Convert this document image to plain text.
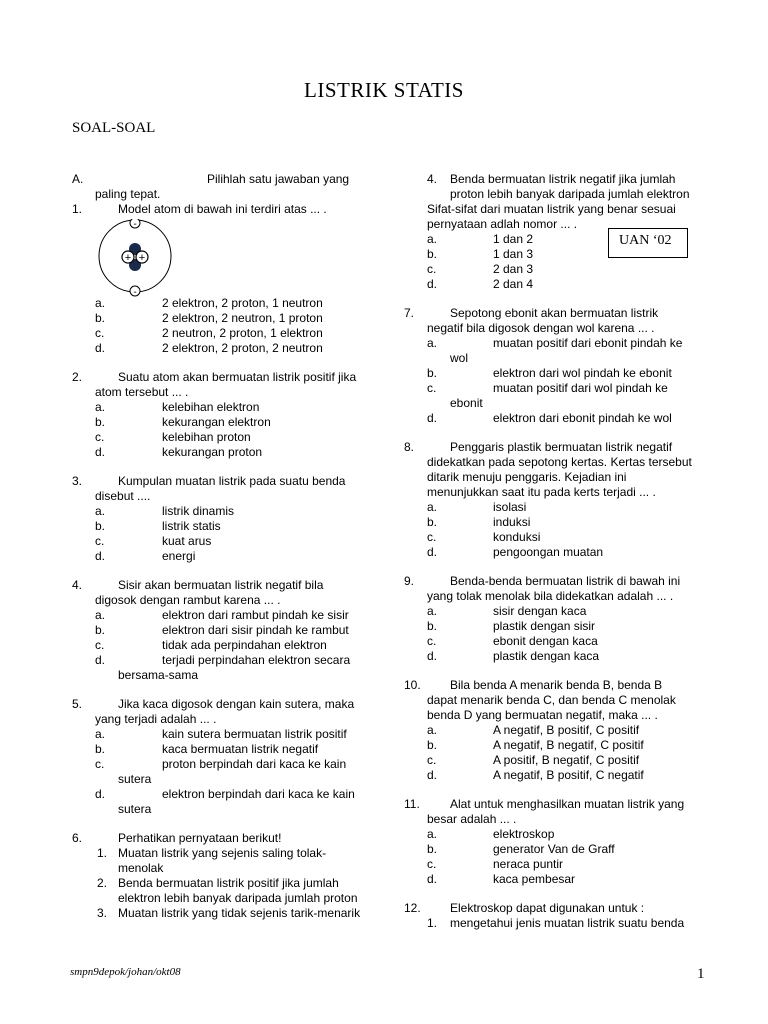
LISTRIK STATIS
SOAL-SOAL
A.	Pilihlah satu jawaban yang
paling tepat.
1.	Model atom di bawah ini terdiri atas ... .
a.	2 elektron, 2 proton, 1 neutron
b.	2 elektron, 2 neutron, 1 proton
c.	2 neutron, 2 proton, 1 elektron
d.	2 elektron, 2 proton, 2 neutron
2.	Suatu atom akan bermuatan listrik positif jika
atom tersebut ... .
a.	kelebihan elektron
b.	kekurangan elektron
c.	kelebihan proton
d.	kekurangan proton
3.	Kumpulan muatan listrik pada suatu benda
disebut ....
a.	listrik dinamis
b.	listrik statis
c.	kuat arus
d.	energi
4.	Sisir akan bermuatan listrik negatif bila
digosok dengan rambut karena ... .
a.	elektron dari rambut pindah ke sisir
b.	elektron dari sisir pindah ke rambut
c.	tidak ada perpindahan elektron
d.	terjadi perpindahan elektron secara
bersama-sama
5.	Jika kaca digosok dengan kain sutera, maka
yang terjadi adalah ... .
a.	kain sutera bermuatan listrik positif
b.	kaca bermuatan listrik negatif
c.	proton berpindah dari kaca ke kain
sutera
d.	elektron berpindah dari kaca ke kain
sutera
6.	Perhatikan pernyataan berikut!
1. Muatan listrik yang sejenis saling tolak-
menolak
2. Benda bermuatan listrik positif jika jumlah
elektron lebih banyak daripada jumlah proton
3. Muatan listrik yang tidak sejenis tarik-menarik
4. Benda bermuatan listrik negatif jika jumlah
proton lebih banyak daripada jumlah elektron
Sifat-sifat dari muatan listrik yang benar sesuai
pernyataan adlah nomor ... .
a.	1 dan 2
b.	1 dan 3
c.	2 dan 3
d.	2 dan 4
7.	Sepotong ebonit akan bermuatan listrik
negatif bila digosok dengan wol karena ... .
a.	muatan positif dari ebonit pindah ke
wol
b.	elektron dari wol pindah ke ebonit
c.	muatan positif dari wol pindah ke
ebonit
d.	elektron dari ebonit pindah ke wol
8.	Penggaris plastik bermuatan listrik negatif
didekatkan pada sepotong kertas. Kertas tersebut
ditarik menuju penggaris. Kejadian ini
menunjukkan saat itu pada kerts terjadi ... .
a.	isolasi
b.	induksi
c.	konduksi
d.	pengoongan muatan
9.	Benda-benda bermuatan listrik di bawah ini
yang tolak menolak bila didekatkan adalah ... .
a.	sisir dengan kaca
b.	plastik dengan sisir
c.	ebonit dengan kaca
d.	plastik dengan kaca
10. Bila benda A menarik benda B, benda B
dapat menarik benda C, dan benda C menolak
benda D yang bermuatan negatif, maka ... .
a.	A negatif, B positif, C positif
b.	A negatif, B negatif, C positif
c.	A positif, B negatif, C positif
d.	A negatif, B positif, C negatif
11.	Alat untuk menghasilkan muatan listrik yang
besar adalah ... .
a.	elektroskop
b.	generator Van de Graff
c.	neraca puntir
d.	kaca pembesar
12. Elektroskop dapat digunakan untuk :
1. mengetahui jenis muatan listrik suatu benda
+ +
-
-
UAN ‘02
smpn9depok/johan/okt08	1
